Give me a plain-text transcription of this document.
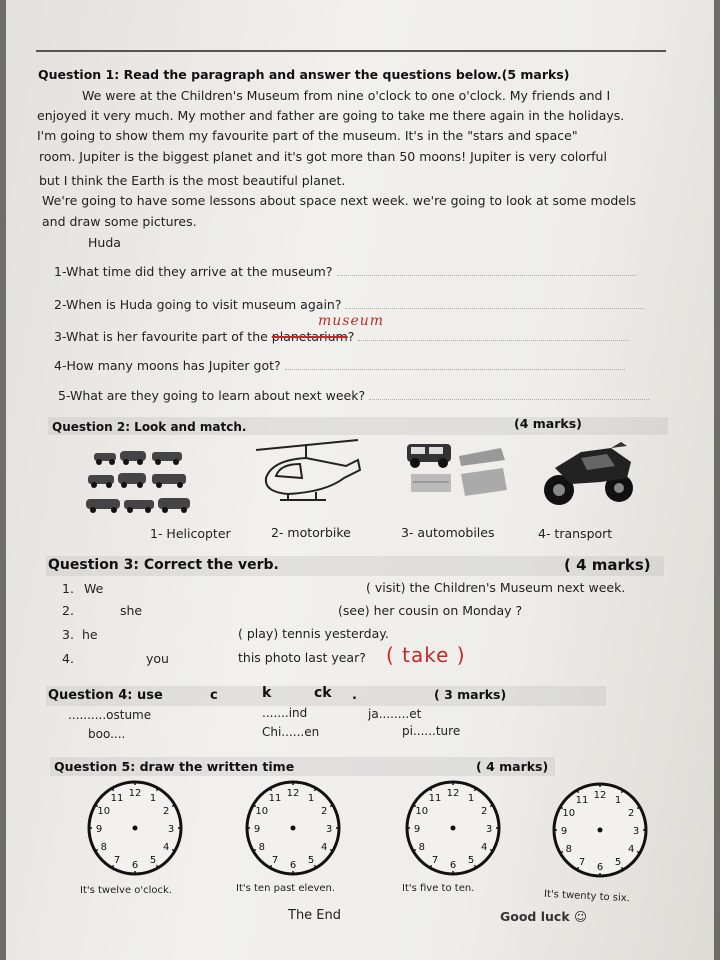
Question 1: Read the paragraph and answer the questions below.(5 marks)
We were at the Children's Museum from nine o'clock to one o'clock. My friends and I
enjoyed it very much. My mother and father are going to take me there again in the holidays.
I'm going to show them my favourite part of the museum. It's in the "stars and space"
room. Jupiter is the biggest planet and it's got more than 50 moons! Jupiter is very colorful
but I think the Earth is the most beautiful planet.
We're going to have some lessons about space next week. we're going to look at some models
and draw some pictures.
Huda
1-What time did they arrive at the museum?
2-When is Huda going to visit museum again?
3-What is her favourite part of the planetarium?
museum
4-How many moons has Jupiter got?
5-What are they going to learn about next week?
Question 2: Look and match.	(4 marks)
1- Helicopter	2- motorbike	3- automobiles	4- transport
Question 3: Correct the verb.	( 4 marks)
1. We	( visit) the Children's Museum next week.
2.	she	(see) her cousin on Monday ?
3. he	( play) tennis yesterday.
4.	you	this photo last year? ( take )
Question 4: use	c	k	ck .	( 3 marks)
..........ostume	.......ind	ja........et
boo....	Chi......en	pi......ture
Question 5: draw the written time	( 4 marks)
1
2
3
4
5
6
7
8
9
10
11 12	1
2
3
4
5
6
7
8
9
10
11 12	1
2
3
4
5
6
7
8
9
10
11 12
1
2
3
4
5
6
7
8
9
10
11 12
It's twelve o'clock.	It's ten past eleven.	It's five to ten.
It's twenty to six.
The End	Good luck ☺
